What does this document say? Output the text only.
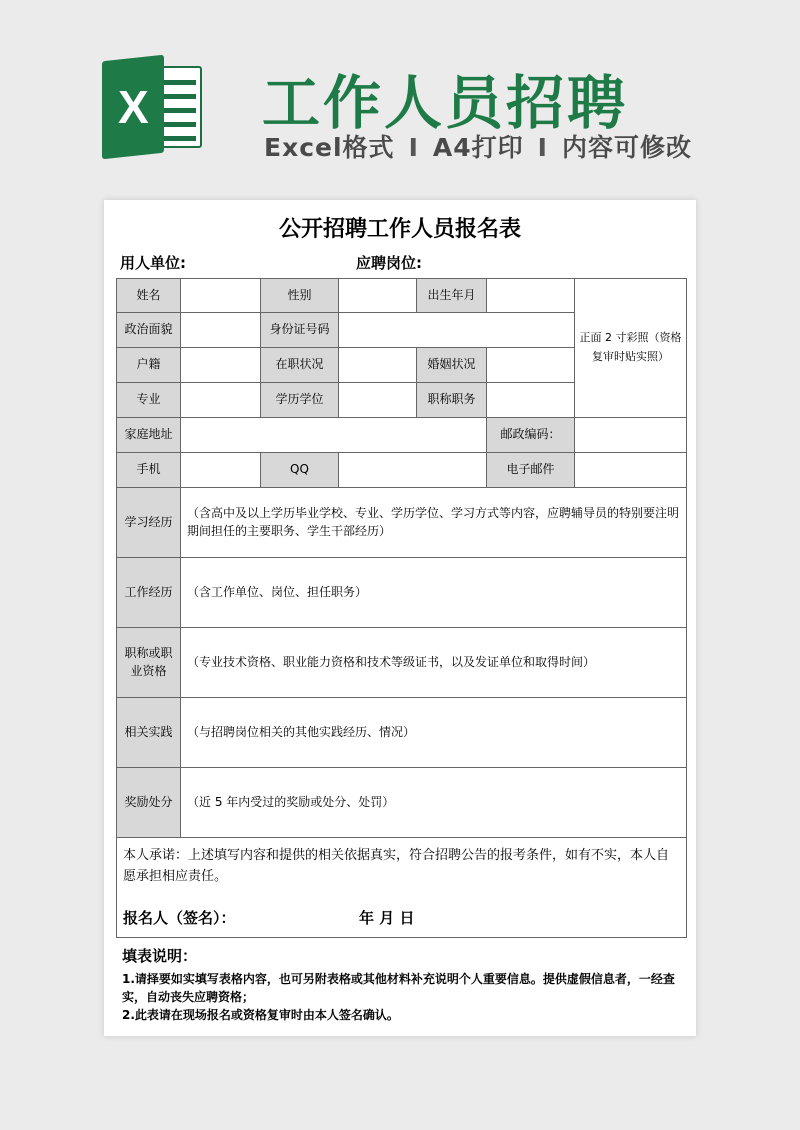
X 工作人员招聘
Excel格式 I A4打印 I 内容可修改
公开招聘工作人员报名表
用人单位:	应聘岗位:
姓名		性别		出生年月		正面 2 寸彩照（资格复审时贴实照）
政治面貌		身份证号码				
户籍		在职状况		婚姻状况		
专业		学历学位		职称职务		
家庭地址					邮政编码：	
手机		QQ			电子邮件	
学习经历	（含高中及以上学历毕业学校、专业、学历学位、学习方式等内容，应聘辅导员的特别要注明期间担任的主要职务、学生干部经历）					
工作经历	（含工作单位、岗位、担任职务）					
职称或职业资格	（专业技术资格、职业能力资格和技术等级证书，以及发证单位和取得时间）					
相关实践	（与招聘岗位相关的其他实践经历、情况）					
奖励处分	（近 5 年内受过的奖励或处分、处罚）					

本人承诺：上述填写内容和提供的相关依据真实，符合招聘公告的报考条件，如有不实，本人自愿承担相应责任。
报名人（签名）： 年 月 日						
填表说明：
1.请择要如实填写表格内容，也可另附表格或其他材料补充说明个人重要信息。提供虚假信息者，一经查实，自动丧失应聘资格；
2.此表请在现场报名或资格复审时由本人签名确认。
